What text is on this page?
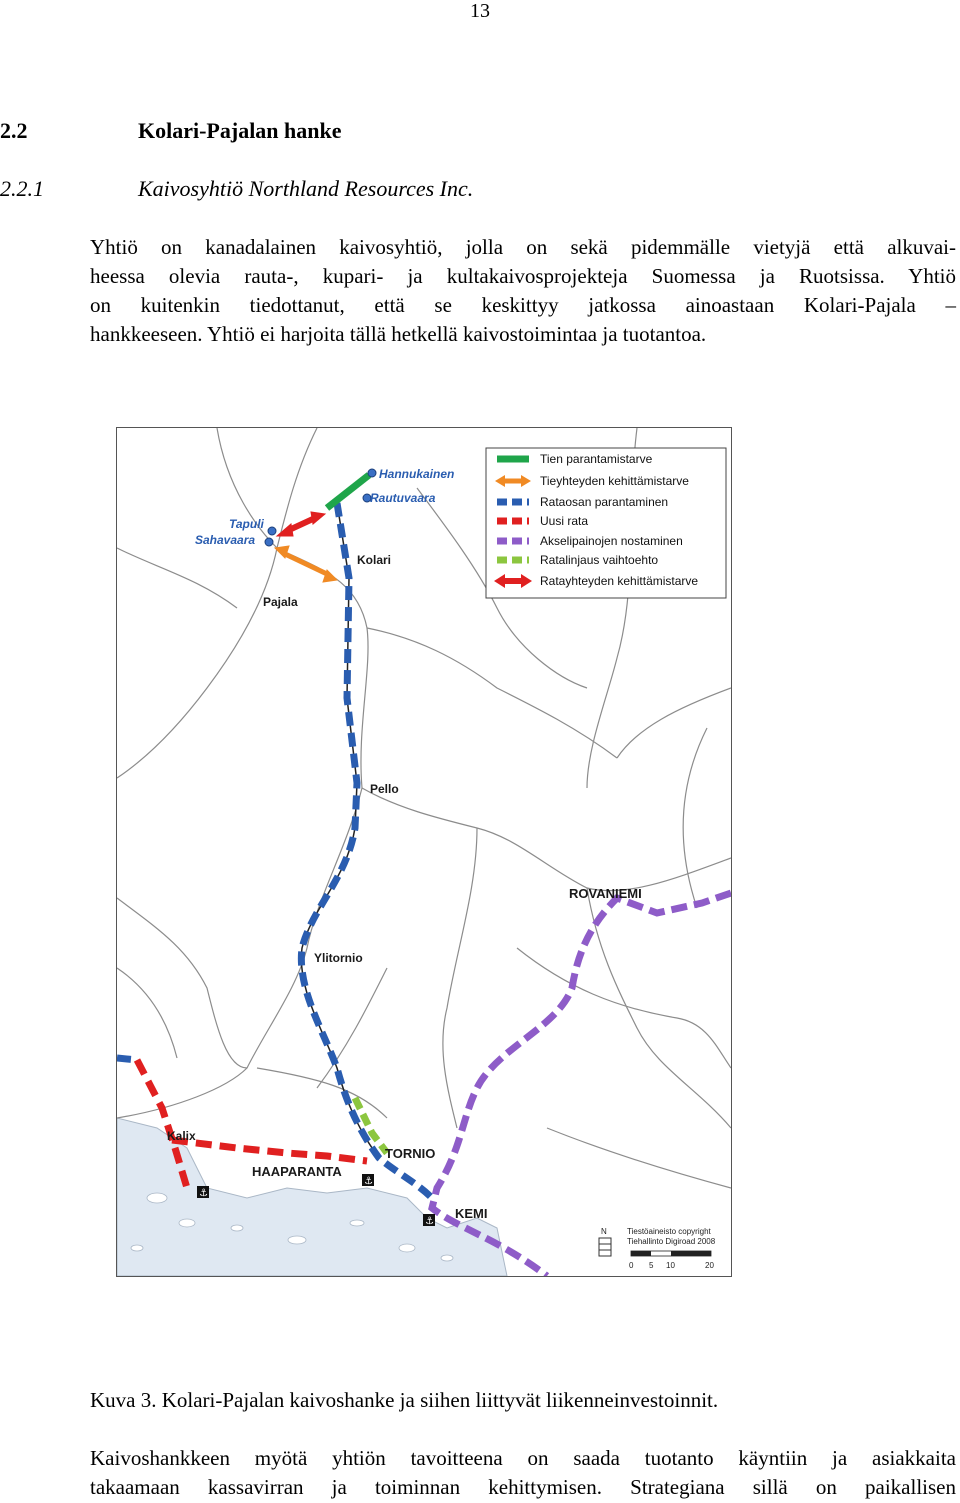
13
2.2	Kolari-Pajalan hanke
2.2.1	Kaivosyhtiö Northland Resources Inc.
Yhtiö on kanadalainen kaivosyhtiö, jolla on sekä pidemmälle vietyjä että alkuvai-
heessa olevia rauta-, kupari- ja kultakaivosprojekteja Suomessa ja Ruotsissa. Yhtiö
on kuitenkin tiedottanut, että se keskittyy jatkossa ainoastaan Kolari-Pajala –
hankkeeseen. Yhtiö ei harjoita tällä hetkellä kaivostoimintaa ja tuotantoa.
⚓
⚓
⚓
Hannukainen
Rautuvaara
Tapuli
Sahavaara
Kolari
Pajala
Pello
ROVANIEMI
Ylitornio
Kalix
HAAPARANTA
TORNIO
KEMI
Tien parantamistarve
Tieyhteyden kehittämistarve
Rataosan parantaminen
Uusi rata
Akselipainojen nostaminen
Ratalinjaus vaihtoehto
Ratayhteyden kehittämistarve
N	Tiestöaineisto copyright
Tiehallinto Digiroad 2008
0 5 10	20
Kuva 3. Kolari-Pajalan kaivoshanke ja siihen liittyvät liikenneinvestoinnit.
Kaivoshankkeen myötä yhtiön tavoitteena on saada tuotanto käyntiin ja asiakkaita
takaamaan kassavirran ja toiminnan kehittymisen. Strategiana sillä on paikallisen
